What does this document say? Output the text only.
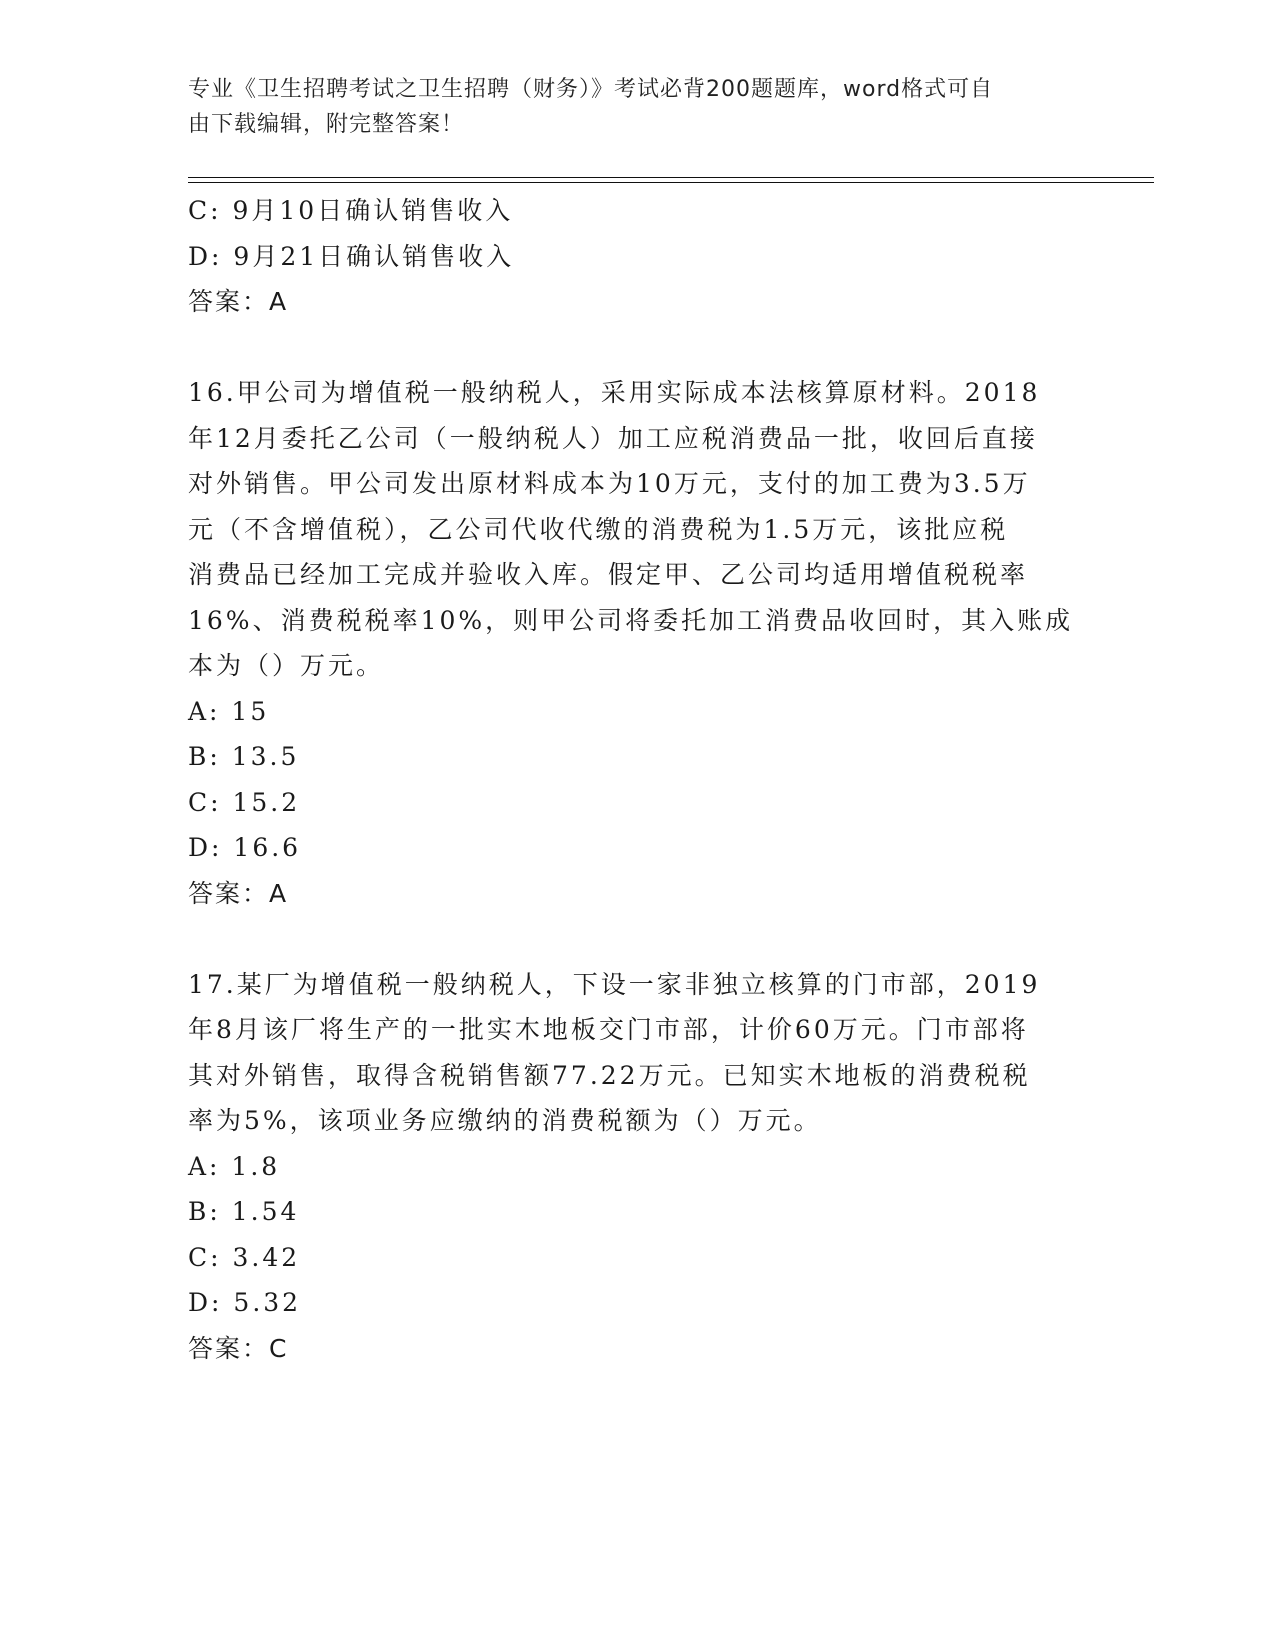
专业《卫生招聘考试之卫生招聘（财务）》考试必背200题题库，word格式可自
由下载编辑，附完整答案！
C: 9月10日确认销售收入
D: 9月21日确认销售收入
答案：A
16.甲公司为增值税一般纳税人，采用实际成本法核算原材料。2018
年12月委托乙公司（一般纳税人）加工应税消费品一批，收回后直接
对外销售。甲公司发出原材料成本为10万元，支付的加工费为3.5万
元（不含增值税），乙公司代收代缴的消费税为1.5万元，该批应税
消费品已经加工完成并验收入库。假定甲、乙公司均适用增值税税率
16%、消费税税率10%，则甲公司将委托加工消费品收回时，其入账成
本为（）万元。
A: 15
B: 13.5
C: 15.2
D: 16.6
答案：A
17.某厂为增值税一般纳税人，下设一家非独立核算的门市部，2019
年8月该厂将生产的一批实木地板交门市部，计价60万元。门市部将
其对外销售，取得含税销售额77.22万元。已知实木地板的消费税税
率为5%，该项业务应缴纳的消费税额为（）万元。
A: 1.8
B: 1.54
C: 3.42
D: 5.32
答案：C
